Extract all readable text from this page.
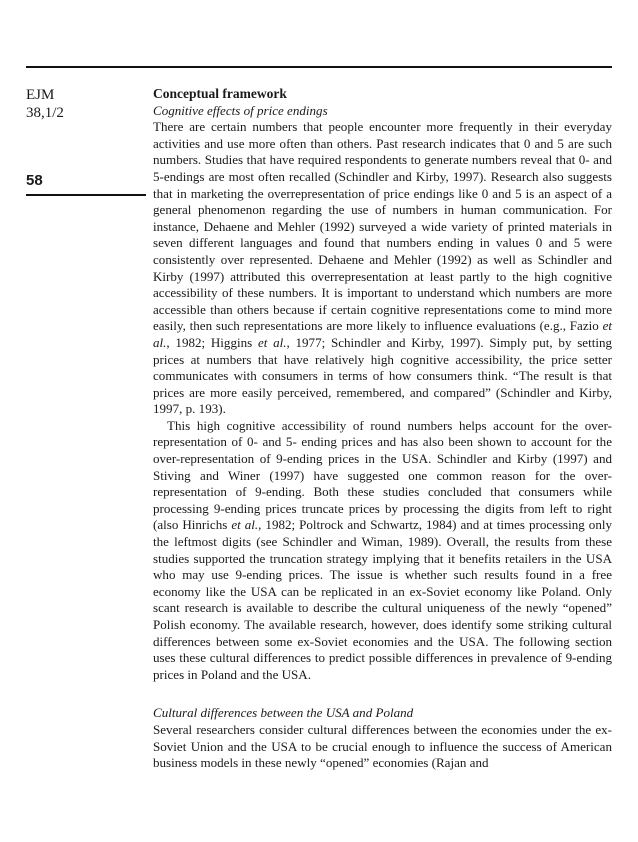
EJM
38,1/2
58

Conceptual framework

Cognitive effects of price endings

There are certain numbers that people encounter more frequently in their everyday activities and use more often than others. Past research indicates that 0 and 5 are such numbers. Studies that have required respondents to generate numbers reveal that 0- and 5-endings are most often recalled (Schindler and Kirby, 1997). Research also suggests that in marketing the overrepresentation of price endings like 0 and 5 is an aspect of a general phenomenon regarding the use of numbers in human communication. For instance, Dehaene and Mehler (1992) surveyed a wide variety of printed materials in seven different languages and found that numbers ending in values 0 and 5 were consistently over represented. Dehaene and Mehler (1992) as well as Schindler and Kirby (1997) attributed this overrepresentation at least partly to the high cognitive accessibility of these numbers. It is important to understand which numbers are more accessible than others because if certain cognitive representations come to mind more easily, then such representations are more likely to influence evaluations (e.g., Fazio et al., 1982; Higgins et al., 1977; Schindler and Kirby, 1997). Simply put, by setting prices at numbers that have relatively high cognitive accessibility, the price setter communicates with consumers in terms of how consumers think. “The result is that prices are more easily perceived, remembered, and compared” (Schindler and Kirby, 1997, p. 193).

This high cognitive accessibility of round numbers helps account for the over-representation of 0- and 5- ending prices and has also been shown to account for the over-representation of 9-ending prices in the USA. Schindler and Kirby (1997) and Stiving and Winer (1997) have suggested one common reason for the over-representation of 9-ending. Both these studies concluded that consumers while processing 9-ending prices truncate prices by processing the digits from left to right (also Hinrichs et al., 1982; Poltrock and Schwartz, 1984) and at times processing only the leftmost digits (see Schindler and Wiman, 1989). Overall, the results from these studies supported the truncation strategy implying that it benefits retailers in the USA who may use 9-ending prices. The issue is whether such results found in a free economy like the USA can be replicated in an ex-Soviet economy like Poland. Only scant research is available to describe the cultural uniqueness of the newly “opened” Polish economy. The available research, however, does identify some striking cultural differences between some ex-Soviet economies and the USA. The following section uses these cultural differences to predict possible differences in prevalence of 9-ending prices in Poland and the USA.

Cultural differences between the USA and Poland

Several researchers consider cultural differences between the economies under the ex-Soviet Union and the USA to be crucial enough to influence the success of American business models in these newly “opened” economies (Rajan and
